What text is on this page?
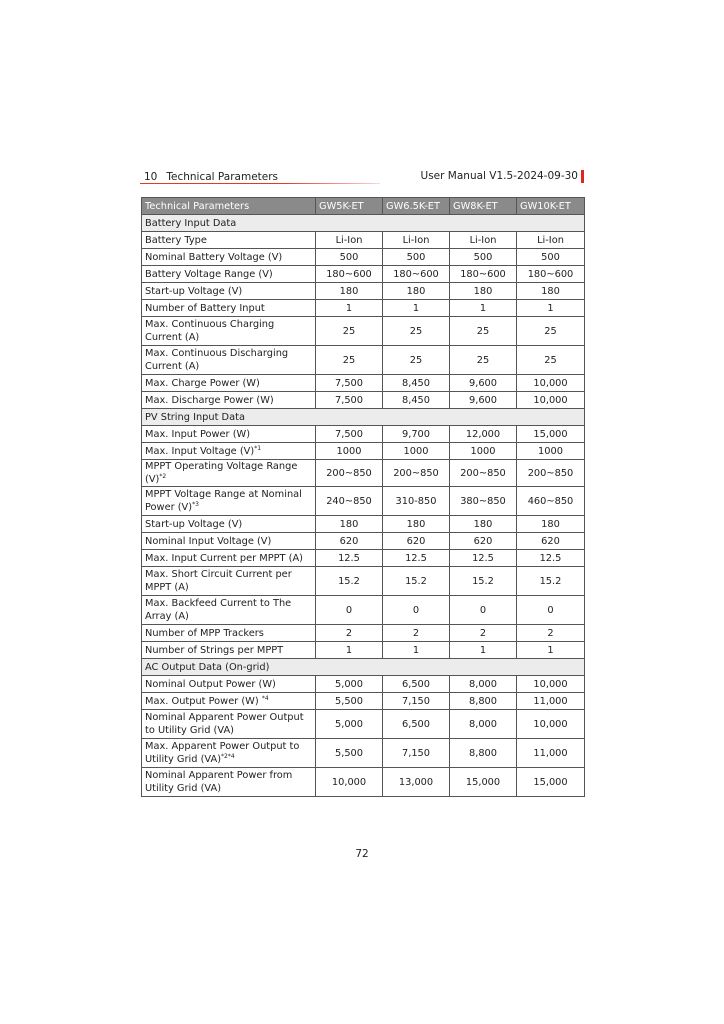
10 Technical Parameters	User Manual V1.5-2024-09-30
Technical Parameters	GW5K-ET	GW6.5K-ET	GW8K-ET	GW10K-ET
Battery Input Data				
Battery Type	Li-Ion	Li-Ion	Li-Ion	Li-Ion
Nominal Battery Voltage (V)	500	500	500	500
Battery Voltage Range (V)	180~600	180~600	180~600	180~600
Start-up Voltage (V)	180	180	180	180
Number of Battery Input	1	1	1	1
Max. Continuous Charging Current (A)	25	25	25	25
Max. Continuous Discharging Current (A)	25	25	25	25
Max. Charge Power (W)	7,500	8,450	9,600	10,000
Max. Discharge Power (W)	7,500	8,450	9,600	10,000
PV String Input Data				
Max. Input Power (W)	7,500	9,700	12,000	15,000
Max. Input Voltage $(V)^{*1}$	1000	1000	1000	1000
MPPT Operating Voltage Range $(V)^{*2}$	200~850	200~850	200~850	200~850
MPPT Voltage Range at Nominal Power $(V)^{*3}$	240~850	310-850	380~850	460~850
Start-up Voltage (V)	180	180	180	180
Nominal Input Voltage (V)	620	620	620	620
Max. Input Current per MPPT (A)	12.5	12.5	12.5	12.5
Max. Short Circuit Current per MPPT (A)	15.2	15.2	15.2	15.2
Max. Backfeed Current to The Array (A)	0	0	0	0
Number of MPP Trackers	2	2	2	2
Number of Strings per MPPT	1	1	1	1
AC Output Data (On-grid)				
Nominal Output Power (W)	5,000	6,500	8,000	10,000
Max. Output Power (W) $^{*4}$	5,500	7,150	8,800	11,000
Nominal Apparent Power Output to Utility Grid (VA)	5,000	6,500	8,000	10,000
Max. Apparent Power Output to Utility Grid (VA)$^{*2*4}$	5,500	7,150	8,800	11,000
Nominal Apparent Power from Utility Grid (VA)	10,000	13,000	15,000	15,000
72
